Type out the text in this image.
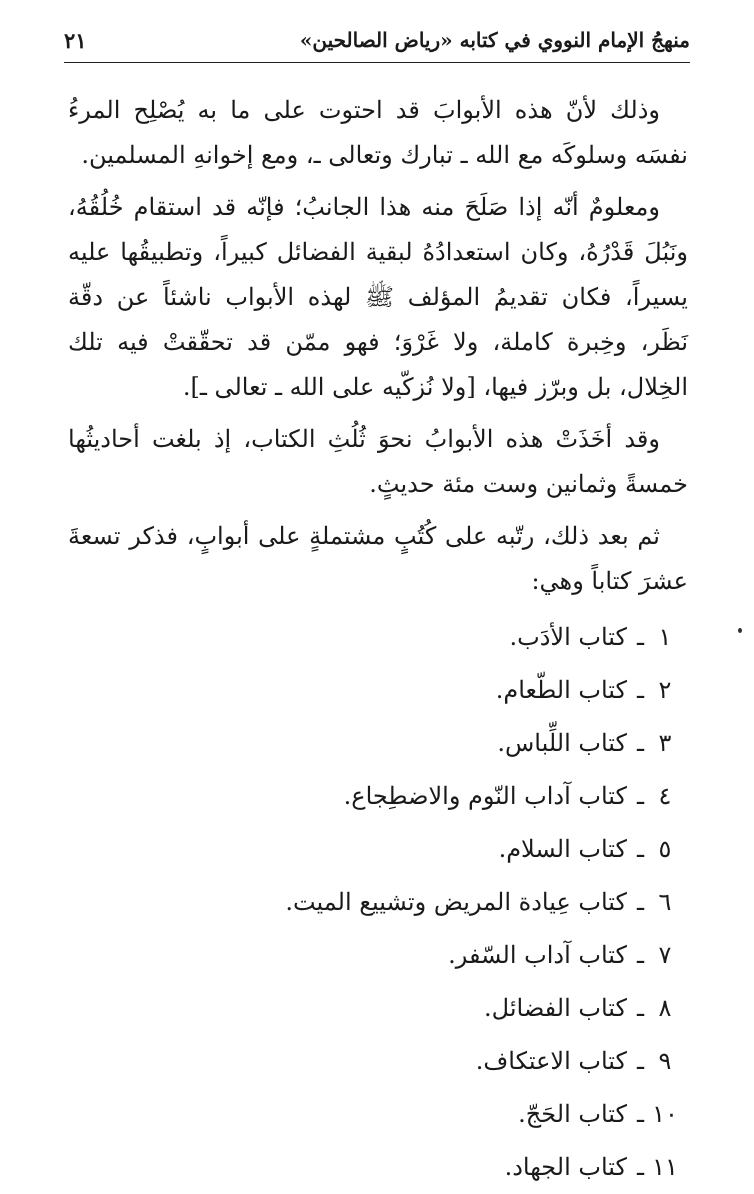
منهجُ الإمام النووي في كتابه «رياض الصالحين»
٢١

وذلك لأنّ هذه الأبوابَ قد احتوت على ما به يُصْلِح المرءُ نفسَه وسلوكَه مع الله ـ تبارك وتعالى ـ، ومع إخوانهِ المسلمين.

ومعلومٌ أنّه إذا صَلَحَ منه هذا الجانبُ؛ فإنّه قد استقام خُلُقُهُ، ونَبُلَ قَدْرُهُ، وكان استعدادُهُ لبقية الفضائل كبيراً، وتطبيقُها عليه يسيراً، فكان تقديمُ المؤلف ﷺ لهذه الأبواب ناشئاً عن دقّة نَظَر، وخِبرة كاملة، ولا غَرْوَ؛ فهو ممّن قد تحقّقتْ فيه تلك الخِلال، بل وبرّز فيها، [ولا نُزكّيه على الله ـ تعالى ـ].

وقد أخَذَتْ هذه الأبوابُ نحوَ ثُلُثِ الكتاب، إذ بلغت أحاديثُها خمسةً وثمانين وست مئة حديثٍ.

ثم بعد ذلك، رتّبه على كُتُبٍ مشتملةٍ على أبوابٍ، فذكر تسعةَ عشرَ كتاباً وهي:

١ـكتاب الأدَب.
٢ـكتاب الطّعام.
٣ـكتاب اللِّباس.
٤ـكتاب آداب النّوم والاضطِجاع.
٥ـكتاب السلام.
٦ـكتاب عِيادة المريض وتشييع الميت.
٧ـكتاب آداب السّفر.
٨ـكتاب الفضائل.
٩ـكتاب الاعتكاف.
١٠ـكتاب الحَجّ.
١١ـكتاب الجهاد.
